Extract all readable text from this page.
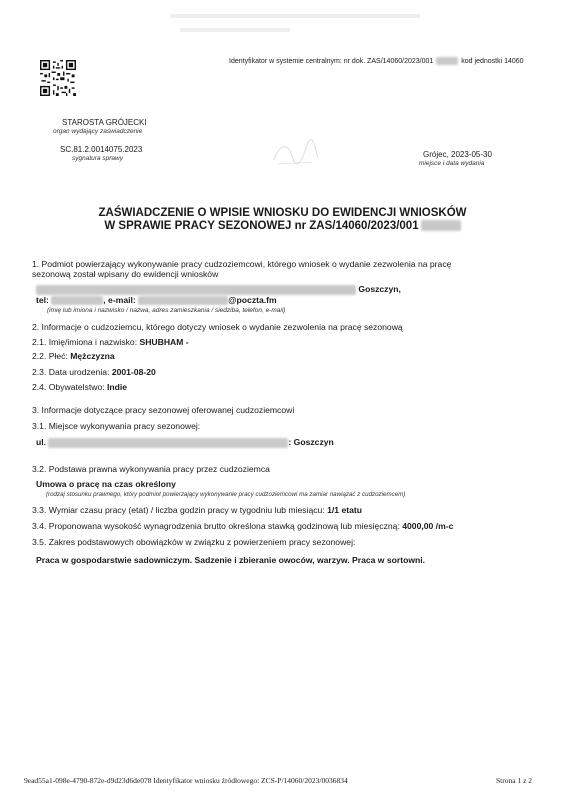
Identyfikator w systemie centralnym: nr dok. ZAS/14060/2023/001	kod jednostki 14060
STAROSTA GRÓJECKI
organ wydający zaświadczenie
SC.81.2.0014075.2023
sygnatura sprawy	Grójec, 2023-05-30
miejsce i data wydania
ZAŚWIADCZENIE O WPISIE WNIOSKU DO EWIDENCJI WNIOSKÓW
W SPRAWIE PRACY SEZONOWEJ nr ZAS/14060/2023/001
1. Podmiot powierzający wykonywanie pracy cudzoziemcowi, którego wniosek o wydanie zezwolenia na pracę
sezonową został wpisany do ewidencji wniosków
Goszczyn,
tel:	, e-mail:	@poczta.fm
(imię lub imiona i nazwisko / nazwa, adres zamieszkania / siedziba, telefon, e-mail)
2. Informacje o cudzoziemcu, którego dotyczy wniosek o wydanie zezwolenia na pracę sezonową
2.1. Imię/imiona i nazwisko: SHUBHAM -
2.2. Płeć: Mężczyzna
2.3. Data urodzenia: 2001-08-20
2.4. Obywatelstwo: Indie
3. Informacje dotyczące pracy sezonowej oferowanej cudzoziemcowi
3.1. Miejsce wykonywania pracy sezonowej:
ul.	: Goszczyn
3.2. Podstawa prawna wykonywania pracy przez cudzoziemca
Umowa o pracę na czas określony
(rodzaj stosunku prawnego, który podmiot powierzający wykonywanie pracy cudzoziemcowi ma zamiar nawiązać z cudzoziemcem)
3.3. Wymiar czasu pracy (etat) / liczba godzin pracy w tygodniu lub miesiącu: 1/1 etatu
3.4. Proponowana wysokość wynagrodzenia brutto określona stawką godzinową lub miesięczną: 4000,00 /m-c
3.5. Zakres podstawowych obowiązków w związku z powierzeniem pracy sezonowej:
Praca w gospodarstwie sadowniczym. Sadzenie i zbieranie owoców, warzyw. Praca w sortowni.
9ead55a1-098e-4790-872e-d9d23d6de078 Identyfikator wniosku źródłowego: ZCS-P/14060/2023/0036834	Strona 1 z 2
